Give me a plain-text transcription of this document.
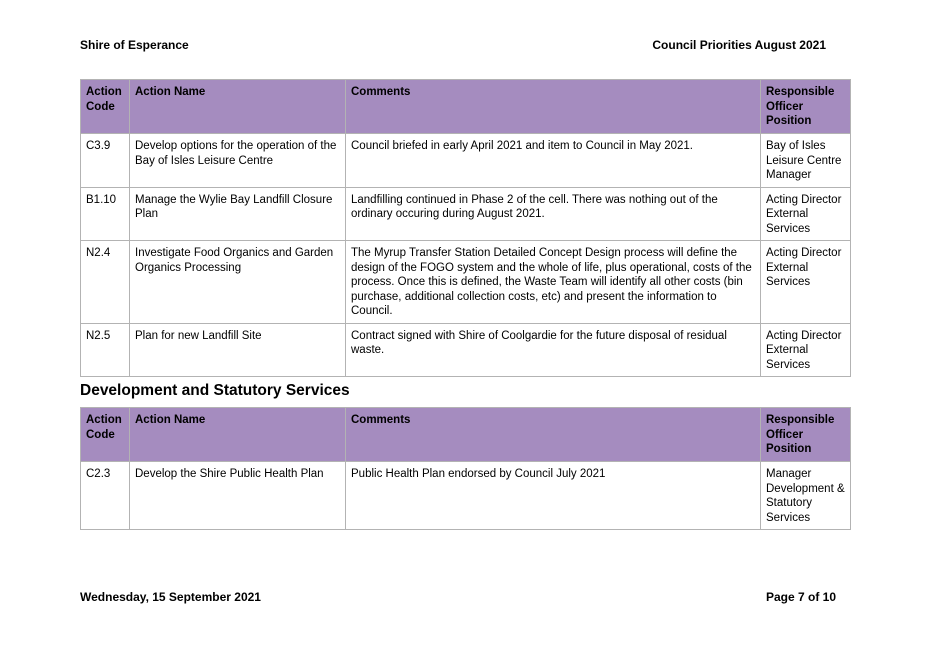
Shire of Esperance	Council Priorities August 2021
Action Code	Action Name	Comments	Responsible Officer Position
C3.9	Develop options for the operation of the Bay of Isles Leisure Centre	Council briefed in early April 2021 and item to Council in May 2021.	Bay of Isles Leisure Centre Manager
B1.10	Manage the Wylie Bay Landfill Closure Plan	Landfilling continued in Phase 2 of the cell. There was nothing out of the ordinary occuring during August 2021.	Acting Director External Services
N2.4	Investigate Food Organics and Garden Organics Processing	The Myrup Transfer Station Detailed Concept Design process will define the design of the FOGO system and the whole of life, plus operational, costs of the process. Once this is defined, the Waste Team will identify all other costs (bin purchase, additional collection costs, etc) and present the information to Council.	Acting Director External Services
N2.5	Plan for new Landfill Site	Contract signed with Shire of Coolgardie for the future disposal of residual waste.	Acting Director External Services
Development and Statutory Services
Action Code	Action Name	Comments	Responsible Officer Position
C2.3	Develop the Shire Public Health Plan	Public Health Plan endorsed by Council July 2021	Manager Development & Statutory Services
Wednesday, 15 September 2021	Page 7 of 10
